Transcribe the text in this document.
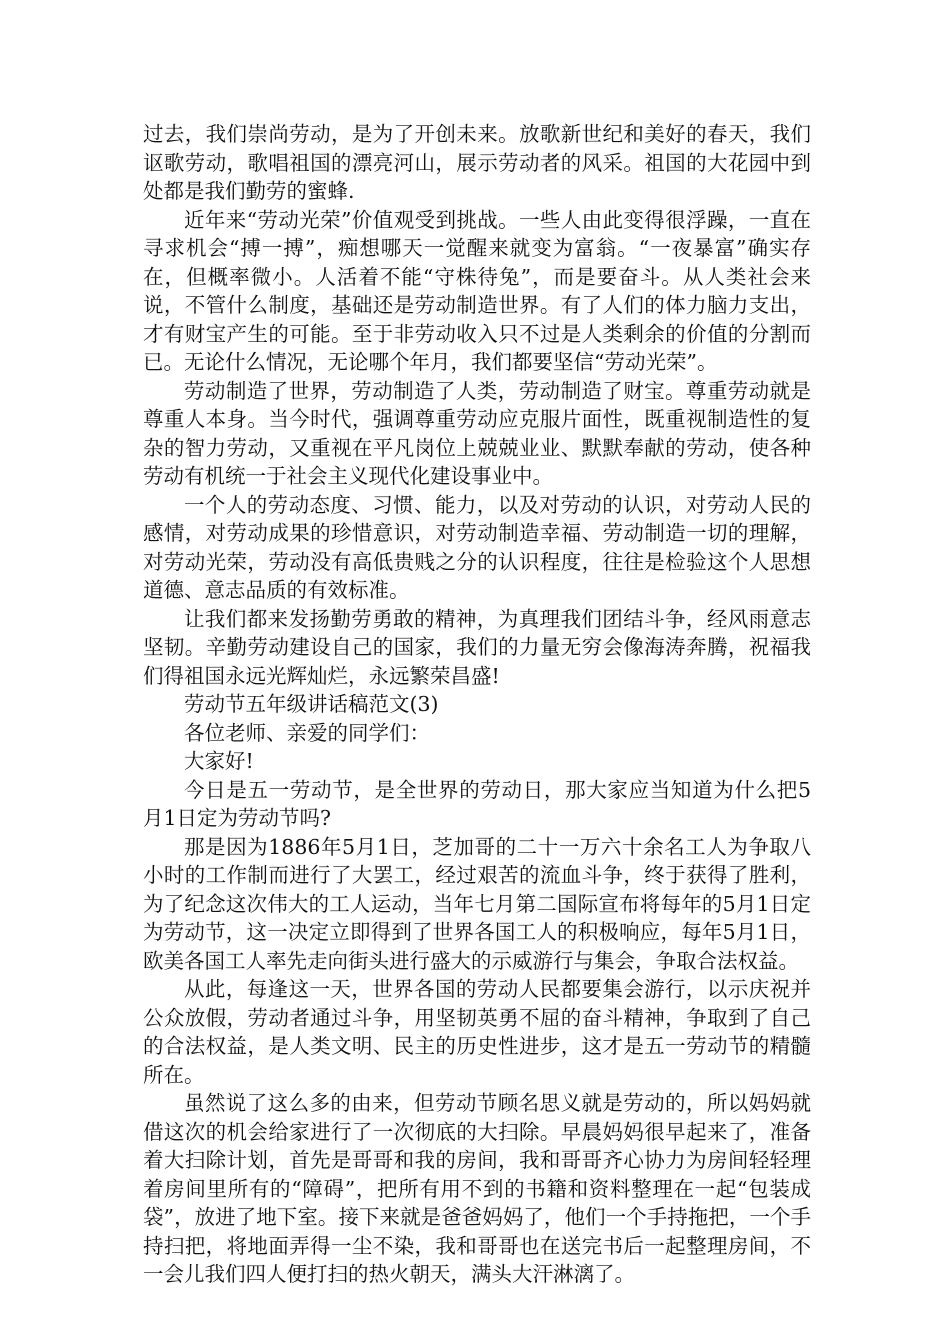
过去，我们崇尚劳动，是为了开创未来。放歌新世纪和美好的春天，我们讴歌劳动，歌唱祖国的漂亮河山，展示劳动者的风采。祖国的大花园中到处都是我们勤劳的蜜蜂.

近年来“劳动光荣”价值观受到挑战。一些人由此变得很浮躁，一直在寻求机会“搏一搏”，痴想哪天一觉醒来就变为富翁。“一夜暴富”确实存在，但概率微小。人活着不能“守株待兔”，而是要奋斗。从人类社会来说，不管什么制度，基础还是劳动制造世界。有了人们的体力脑力支出，才有财宝产生的可能。至于非劳动收入只不过是人类剩余的价值的分割而已。无论什么情况，无论哪个年月，我们都要坚信“劳动光荣”。

劳动制造了世界，劳动制造了人类，劳动制造了财宝。尊重劳动就是尊重人本身。当今时代，强调尊重劳动应克服片面性，既重视制造性的复杂的智力劳动，又重视在平凡岗位上兢兢业业、默默奉献的劳动，使各种劳动有机统一于社会主义现代化建设事业中。

一个人的劳动态度、习惯、能力，以及对劳动的认识，对劳动人民的感情，对劳动成果的珍惜意识，对劳动制造幸福、劳动制造一切的理解，对劳动光荣，劳动没有高低贵贱之分的认识程度，往往是检验这个人思想道德、意志品质的有效标准。

让我们都来发扬勤劳勇敢的精神，为真理我们团结斗争，经风雨意志坚韧。辛勤劳动建设自己的国家，我们的力量无穷会像海涛奔腾，祝福我们得祖国永远光辉灿烂，永远繁荣昌盛!

劳动节五年级讲话稿范文(3)

各位老师、亲爱的同学们：

大家好!

今日是五一劳动节，是全世界的劳动日，那大家应当知道为什么把5月1日定为劳动节吗?

那是因为1886年5月1日，芝加哥的二十一万六十余名工人为争取八小时的工作制而进行了大罢工，经过艰苦的流血斗争，终于获得了胜利，为了纪念这次伟大的工人运动，当年七月第二国际宣布将每年的5月1日定为劳动节，这一决定立即得到了世界各国工人的积极响应，每年5月1日，欧美各国工人率先走向街头进行盛大的示威游行与集会，争取合法权益。

从此，每逢这一天，世界各国的劳动人民都要集会游行，以示庆祝并公众放假，劳动者通过斗争，用坚韧英勇不屈的奋斗精神，争取到了自己的合法权益，是人类文明、民主的历史性进步，这才是五一劳动节的精髓所在。

虽然说了这么多的由来，但劳动节顾名思义就是劳动的，所以妈妈就借这次的机会给家进行了一次彻底的大扫除。早晨妈妈很早起来了，准备着大扫除计划，首先是哥哥和我的房间，我和哥哥齐心协力为房间轻轻理着房间里所有的“障碍”，把所有用不到的书籍和资料整理在一起“包装成袋”，放进了地下室。接下来就是爸爸妈妈了，他们一个手持拖把，一个手持扫把，将地面弄得一尘不染，我和哥哥也在送完书后一起整理房间，不一会儿我们四人便打扫的热火朝天，满头大汗淋漓了。
